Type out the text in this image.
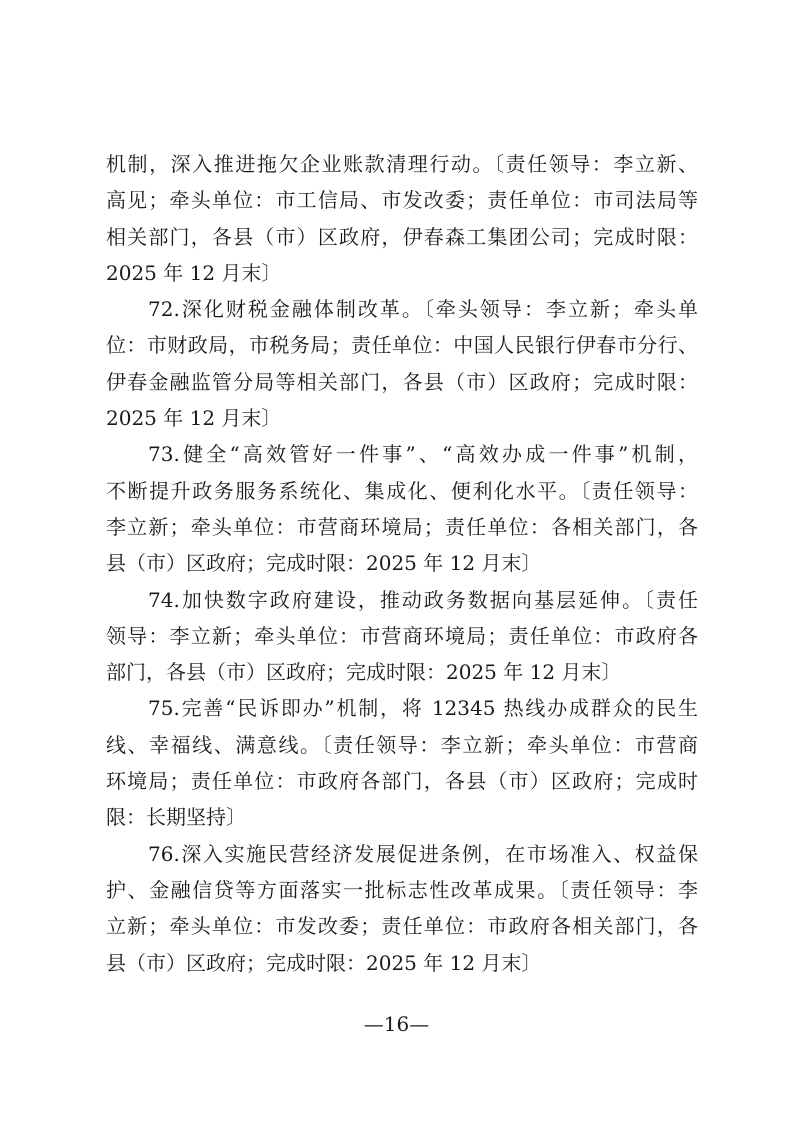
机制，深入推进拖欠企业账款清理行动。〔责任领导：李立新、
高见；牵头单位：市工信局、市发改委；责任单位：市司法局等
相关部门，各县（市）区政府，伊春森工集团公司；完成时限：
2025 年 12 月末〕
72.深化财税金融体制改革。〔牵头领导：李立新；牵头单
位：市财政局，市税务局；责任单位：中国人民银行伊春市分行、
伊春金融监管分局等相关部门，各县（市）区政府；完成时限：
2025 年 12 月末〕
73.健全“高效管好一件事”、“高效办成一件事”机制，
不断提升政务服务系统化、集成化、便利化水平。〔责任领导：
李立新；牵头单位：市营商环境局；责任单位：各相关部门，各
县（市）区政府；完成时限：2025 年 12 月末〕
74.加快数字政府建设，推动政务数据向基层延伸。〔责任
领导：李立新；牵头单位：市营商环境局；责任单位：市政府各
部门，各县（市）区政府；完成时限：2025 年 12 月末〕
75.完善“民诉即办”机制，将 12345 热线办成群众的民生
线、幸福线、满意线。〔责任领导：李立新；牵头单位：市营商
环境局；责任单位：市政府各部门，各县（市）区政府；完成时
限：长期坚持〕
76.深入实施民营经济发展促进条例，在市场准入、权益保
护、金融信贷等方面落实一批标志性改革成果。〔责任领导：李
立新；牵头单位：市发改委；责任单位：市政府各相关部门，各
县（市）区政府；完成时限：2025 年 12 月末〕
—16—
